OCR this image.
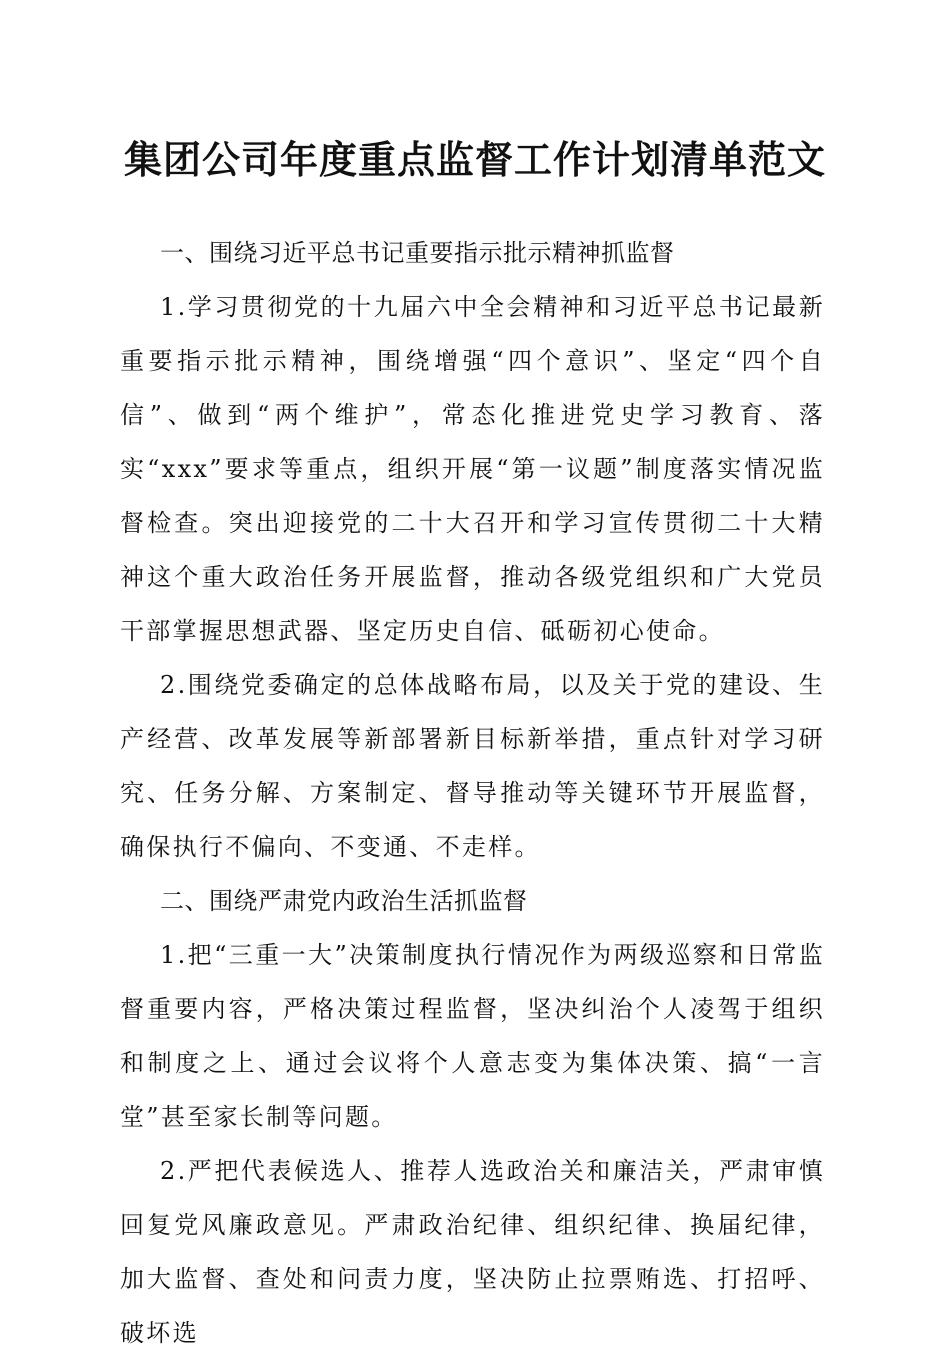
集团公司年度重点监督工作计划清单范文

一、围绕习近平总书记重要指示批示精神抓监督

1.学习贯彻党的十九届六中全会精神和习近平总书记最新重要指示批示精神，围绕增强“四个意识”、坚定“四个自信”、做到“两个维护”，常态化推进党史学习教育、落实“xxx”要求等重点，组织开展“第一议题”制度落实情况监督检查。突出迎接党的二十大召开和学习宣传贯彻二十大精神这个重大政治任务开展监督，推动各级党组织和广大党员干部掌握思想武器、坚定历史自信、砥砺初心使命。

2.围绕党委确定的总体战略布局，以及关于党的建设、生产经营、改革发展等新部署新目标新举措，重点针对学习研究、任务分解、方案制定、督导推动等关键环节开展监督，确保执行不偏向、不变通、不走样。

二、围绕严肃党内政治生活抓监督

1.把“三重一大”决策制度执行情况作为两级巡察和日常监督重要内容，严格决策过程监督，坚决纠治个人凌驾于组织和制度之上、通过会议将个人意志变为集体决策、搞“一言堂”甚至家长制等问题。

2.严把代表候选人、推荐人选政治关和廉洁关，严肃审慎回复党风廉政意见。严肃政治纪律、组织纪律、换届纪律，加大监督、查处和问责力度，坚决防止拉票贿选、打招呼、破坏选
